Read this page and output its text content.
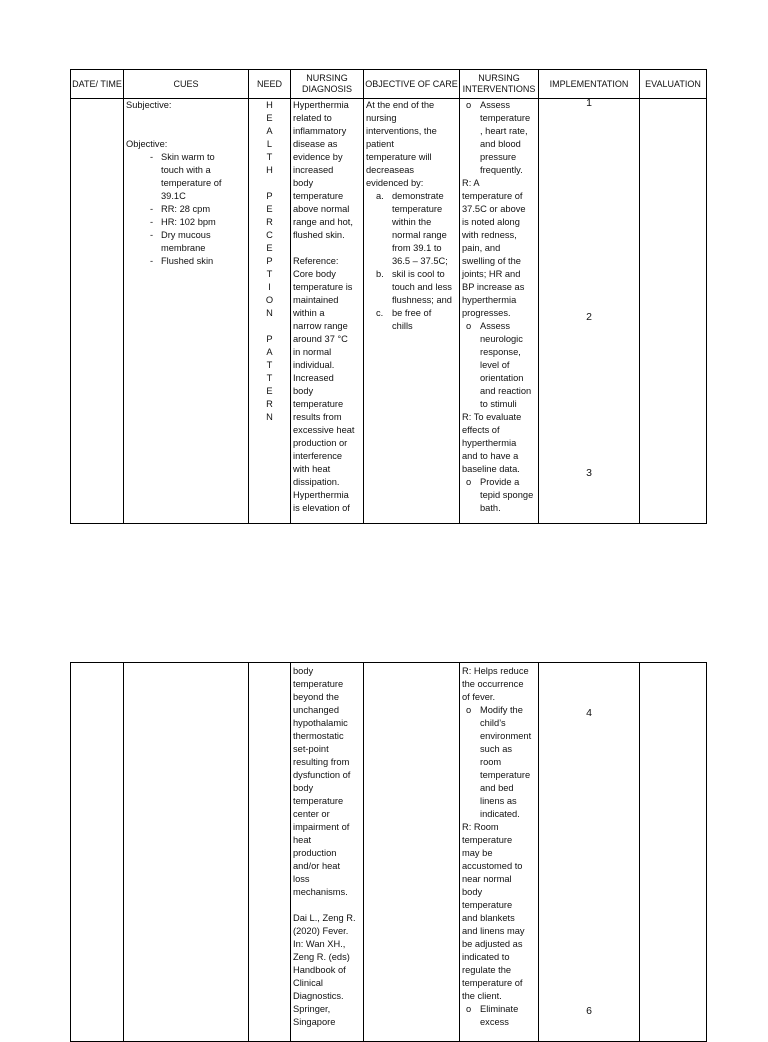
DATE/ TIME	CUES
Subjective:
Objective:
- Skin warm to
touch with a
temperature of
39.1C
- RR: 28 cpm
- HR: 102 bpm
- Dry mucous
membrane
- Flushed skin
NEED
H
E
A
L
T
H
P
E
R
C
E
P
T
I
O
N
P
A
T
T
E
R
N
NURSING DIAGNOSIS
Hyperthermia
related to
inflammatory
disease as
evidence by
increased
body
temperature
above normal
range and hot,
flushed skin.
Reference:
Core body
temperature is
maintained
within a
narrow range
around 37 °C
in normal
individual.
Increased
body
temperature
results from
excessive heat
production or
interference
with heat
dissipation.
Hyperthermia
is elevation of
OBJECTIVE OF CARE
At the end of the
nursing
interventions, the
patient
temperature will
decreaseas
evidenced by:
a. demonstrate
temperature
within the
normal range
from 39.1 to
36.5 – 37.5C;
b. skil is cool to
touch and less
flushness; and
c. be free of
chills
NURSING INTERVENTIONS
o Assess
temperature
, heart rate,
and blood
pressure
frequently.
R: A
temperature of
37.5C or above
is noted along
with redness,
pain, and
swelling of the
joints; HR and
BP increase as
hyperthermia
progresses.
o Assess
neurologic
response,
level of
orientation
and reaction
to stimuli
R: To evaluate
effects of
hyperthermia
and to have a
baseline data.
o Provide a
tepid sponge
bath.
IMPLEMENTATION
1
2
3
EVALUATION
body
temperature
beyond the
unchanged
hypothalamic
thermostatic
set-point
resulting from
dysfunction of
body
temperature
center or
impairment of
heat
production
and/or heat
loss
mechanisms.
Dai L., Zeng R.
(2020) Fever.
In: Wan XH.,
Zeng R. (eds)
Handbook of
Clinical
Diagnostics.
Springer,
Singapore
R: Helps reduce
the occurrence
of fever.
o Modify the
child’s
environment
such as
room
temperature
and bed
linens as
indicated.
R: Room
temperature
may be
accustomed to
near normal
body
temperature
and blankets
and linens may
be adjusted as
indicated to
regulate the
temperature of
the client.
o Eliminate
excess
4
6
